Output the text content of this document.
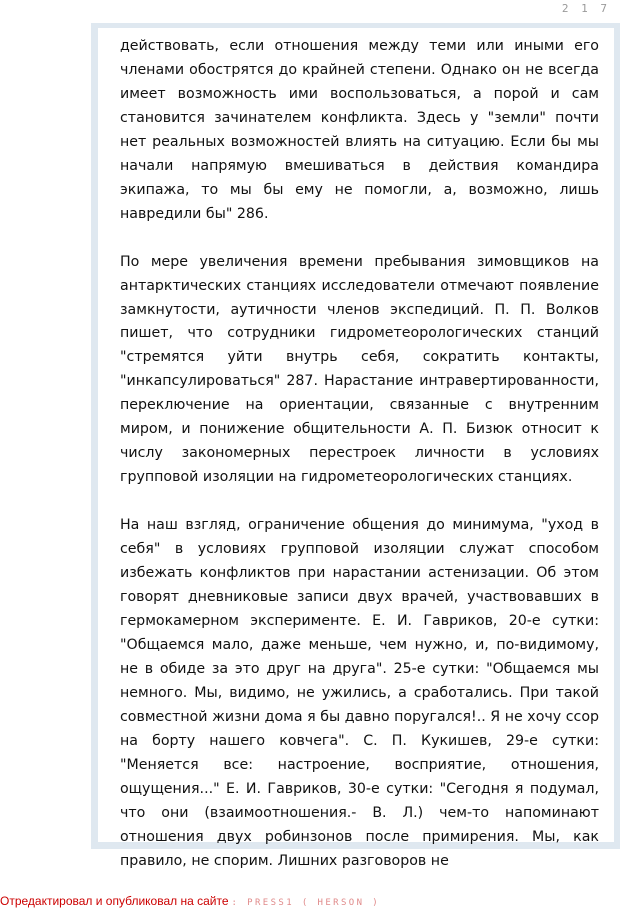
2 1 7

действовать, если отношения между теми или иными его членами обострятся до крайней степени. Однако он не всегда имеет возможность ими воспользоваться, а порой и сам становится зачинателем конфликта. Здесь у "земли" почти нет реальных возможностей влиять на ситуацию. Если бы мы начали напрямую вмешиваться в действия командира экипажа, то мы бы ему не помогли, а, возможно, лишь навредили бы" 286.

По мере увеличения времени пребывания зимовщиков на антарктических станциях исследователи отмечают появление замкнутости, аутичности членов экспедиций. П. П. Волков пишет, что сотрудники гидрометеорологических станций "стремятся уйти внутрь себя, сократить контакты, "инкапсулироваться" 287. Нарастание интравертированности, переключение на ориентации, связанные с внутренним миром, и понижение общительности А. П. Бизюк относит к числу закономерных перестроек личности в условиях групповой изоляции на гидрометеорологических станциях.

На наш взгляд, ограничение общения до минимума, "уход в себя" в условиях групповой изоляции служат способом избежать конфликтов при нарастании астенизации. Об этом говорят дневниковые записи двух врачей, участвовавших в гермокамерном эксперименте. Е. И. Гавриков, 20-е сутки: "Общаемся мало, даже меньше, чем нужно, и, по-видимому, не в обиде за это друг на друга". 25-е сутки: "Общаемся мы немного. Мы, видимо, не ужились, а сработались. При такой совместной жизни дома я бы давно поругался!.. Я не хочу ссор на борту нашего ковчега". С. П. Кукишев, 29-е сутки: "Меняется все: настроение, восприятие, отношения, ощущения..." Е. И. Гавриков, 30-е сутки: "Сегодня я подумал, что они (взаимоотношения.- В. Л.) чем-то напоминают отношения двух робинзонов после примирения. Мы, как правило, не спорим. Лишних разговоров не

Отредактировал и опубликовал на сайте : PRESS1 ( HERSON )
